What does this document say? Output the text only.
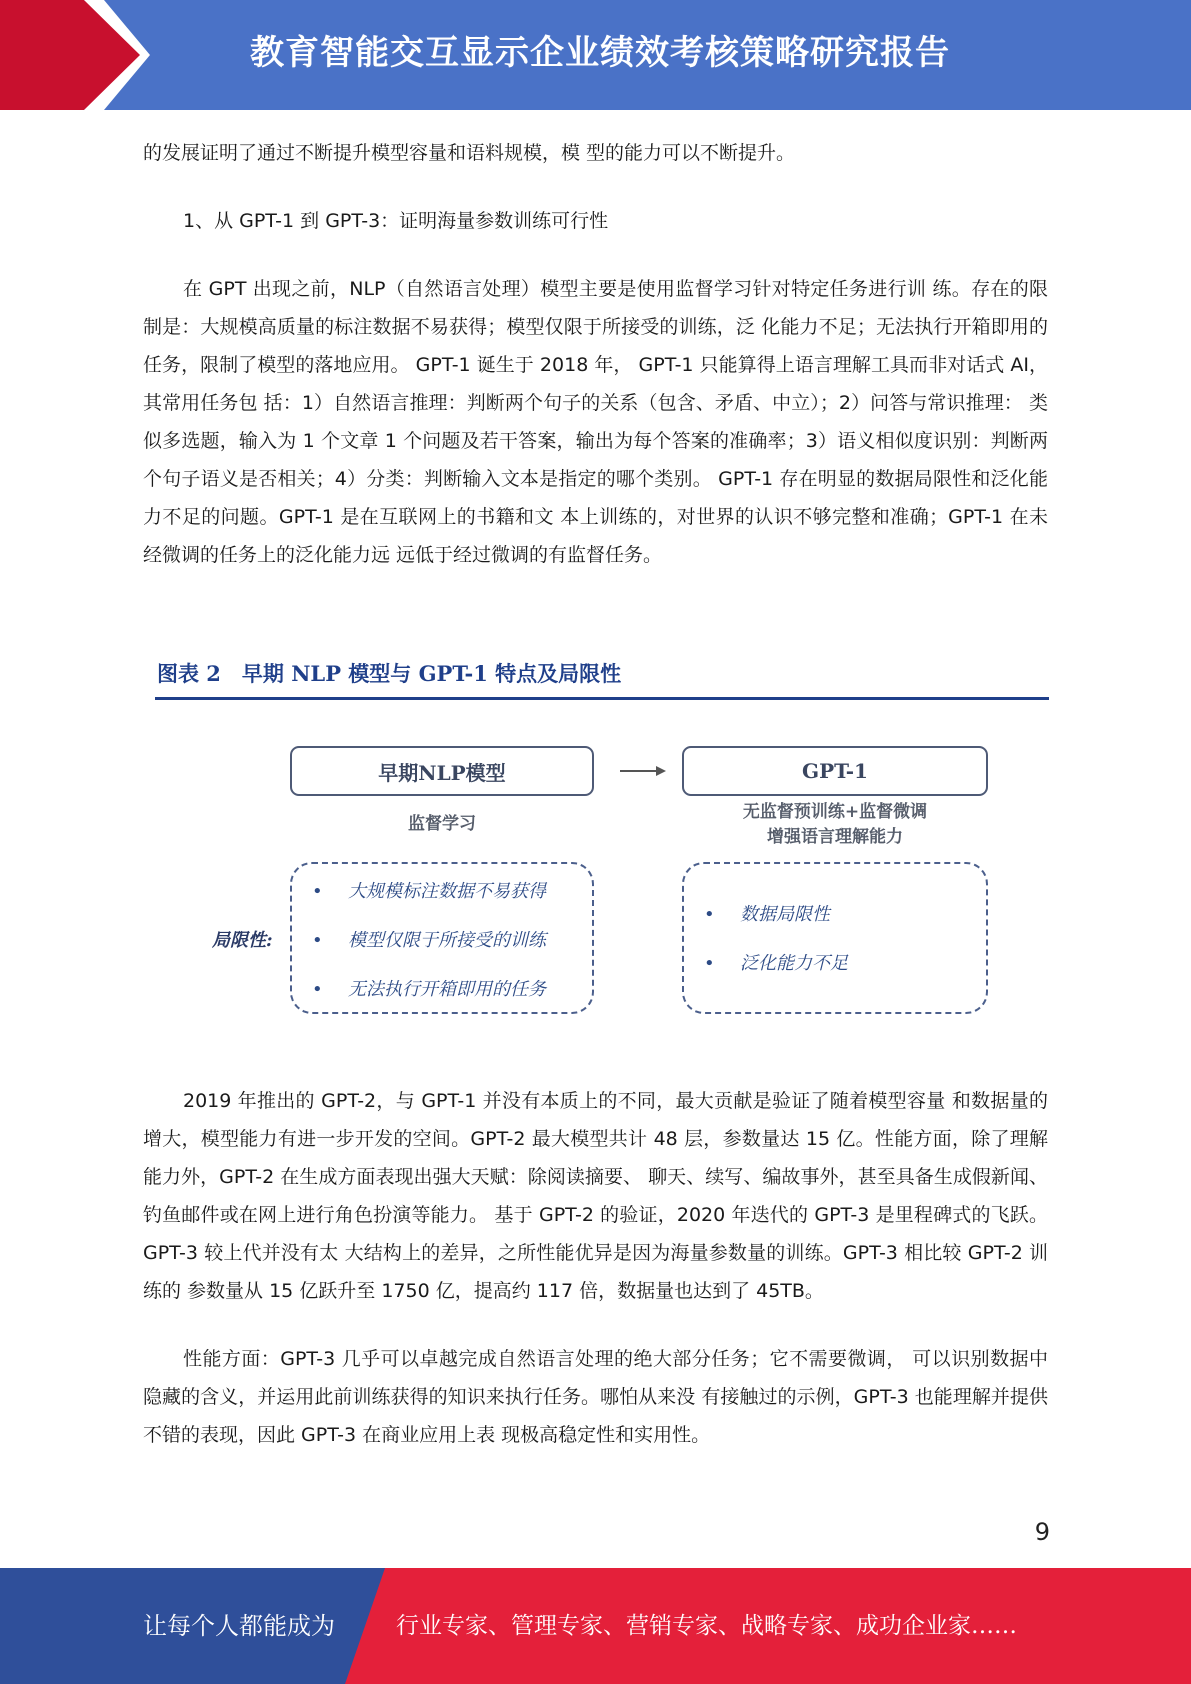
教育智能交互显示企业绩效考核策略研究报告

的发展证明了通过不断提升模型容量和语料规模，模 型的能力可以不断提升。

1、从 GPT-1 到 GPT-3：证明海量参数训练可行性

在 GPT 出现之前，NLP（自然语言处理）模型主要是使用监督学习针对特定任务进行训 练。存在的限制是：大规模高质量的标注数据不易获得；模型仅限于所接受的训练，泛 化能力不足；无法执行开箱即用的任务，限制了模型的落地应用。 GPT-1 诞生于 2018 年， GPT-1 只能算得上语言理解工具而非对话式 AI，其常用任务包 括：1）自然语言推理：判断两个句子的关系（包含、矛盾、中立）；2）问答与常识推理： 类似多选题，输入为 1 个文章 1 个问题及若干答案，输出为每个答案的准确率；3）语义相似度识别：判断两个句子语义是否相关；4）分类：判断输入文本是指定的哪个类别。 GPT-1 存在明显的数据局限性和泛化能力不足的问题。GPT-1 是在互联网上的书籍和文 本上训练的，对世界的认识不够完整和准确；GPT-1 在未经微调的任务上的泛化能力远 远低于经过微调的有监督任务。

图表 2　早期 NLP 模型与 GPT-1 特点及局限性
早期NLP模型	GPT-1
监督学习
无监督预训练+监督微调
增强语言理解能力
局限性:
• 大规模标注数据不易获得
• 模型仅限于所接受的训练
• 无法执行开箱即用的任务
• 数据局限性
• 泛化能力不足

2019 年推出的 GPT-2，与 GPT-1 并没有本质上的不同，最大贡献是验证了随着模型容量 和数据量的增大，模型能力有进一步开发的空间。GPT-2 最大模型共计 48 层，参数量达 15 亿。性能方面，除了理解能力外，GPT-2 在生成方面表现出强大天赋：除阅读摘要、 聊天、续写、编故事外，甚至具备生成假新闻、钓鱼邮件或在网上进行角色扮演等能力。 基于 GPT-2 的验证，2020 年迭代的 GPT-3 是里程碑式的飞跃。GPT-3 较上代并没有太 大结构上的差异，之所性能优异是因为海量参数量的训练。GPT-3 相比较 GPT-2 训练的 参数量从 15 亿跃升至 1750 亿，提高约 117 倍，数据量也达到了 45TB。

性能方面：GPT-3 几乎可以卓越完成自然语言处理的绝大部分任务；它不需要微调， 可以识别数据中隐藏的含义，并运用此前训练获得的知识来执行任务。哪怕从来没 有接触过的示例，GPT-3 也能理解并提供不错的表现，因此 GPT-3 在商业应用上表 现极高稳定性和实用性。

9
让每个人都能成为	行业专家、管理专家、营销专家、战略专家、成功企业家……
